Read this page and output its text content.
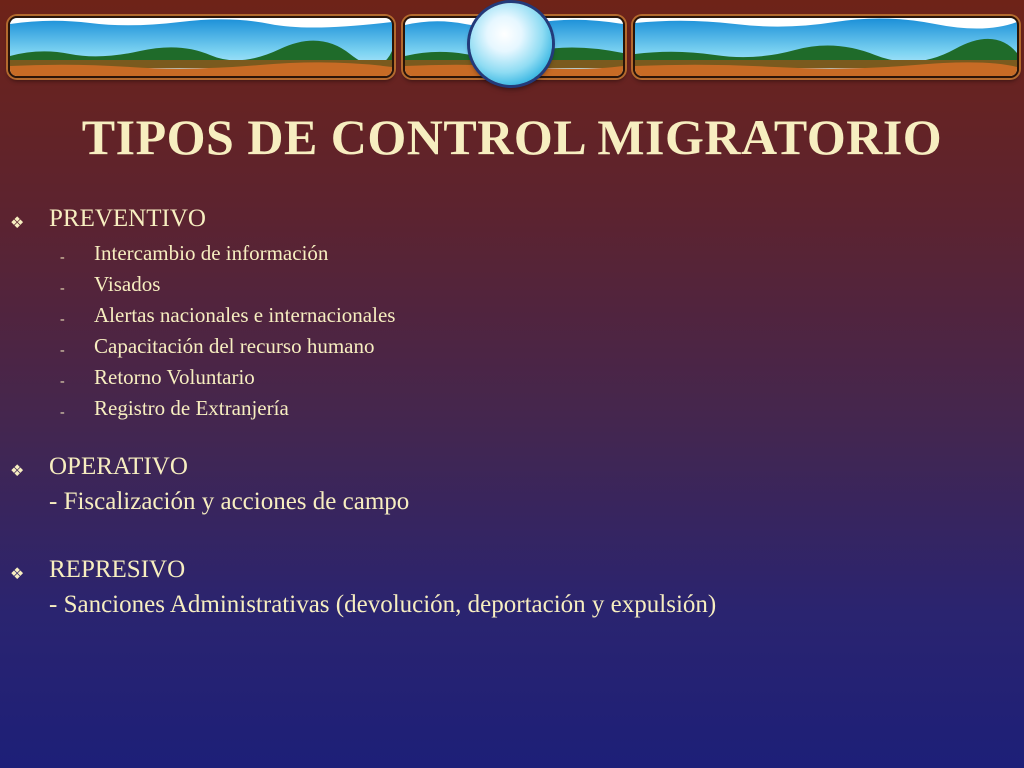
TIPOS DE CONTROL MIGRATORIO
❖ PREVENTIVO
- Intercambio de información
- Visados
- Alertas nacionales e internacionales
- Capacitación del recurso humano
- Retorno Voluntario
- Registro de Extranjería
❖ OPERATIVO
- Fiscalización y acciones de campo
❖ REPRESIVO
- Sanciones Administrativas (devolución, deportación y expulsión)
